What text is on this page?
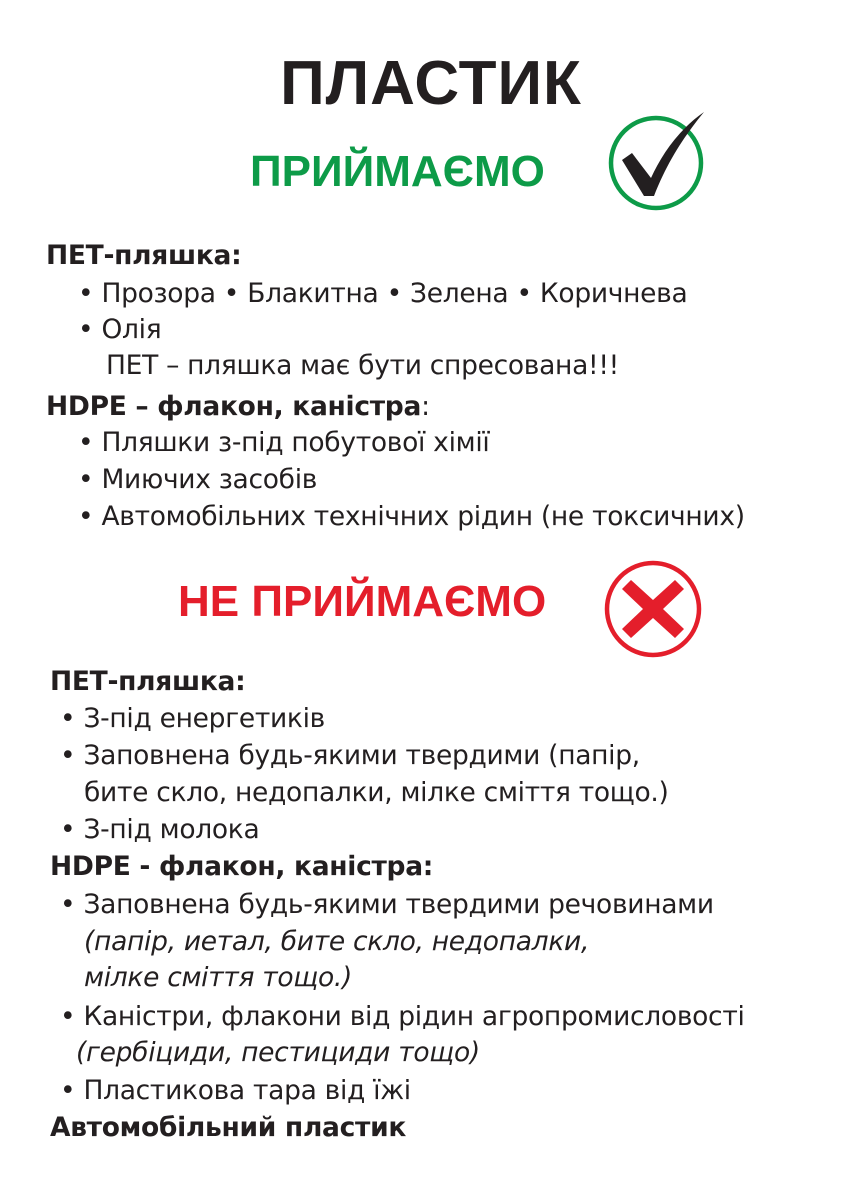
ПЛАСТИК
ПРИЙМАЄМО
ПЕТ-пляшка:
• Прозора • Блакитна • Зелена • Коричнева
• Олія
ПЕТ – пляшка має бути спресована!!!
HDPE – флакон, каністра:
• Пляшки з-під побутової хімії
• Миючих засобів
• Автомобільних технічних рідин (не токсичних)
НЕ ПРИЙМАЄМО
ПЕТ-пляшка:
• З-під енергетиків
• Заповнена будь-якими твердими (папір,
бите скло, недопалки, мілке сміття тощо.)
• З-під молока
HDPE - флакон, каністра:
• Заповнена будь-якими твердими речовинами
(папір, иетал, бите скло, недопалки,
мілке сміття тощо.)
• Каністри, флакони від рідин агропромисловості
(гербіциди, пестициди тощо)
• Пластикова тара від їжі
Автомобільний пластик
